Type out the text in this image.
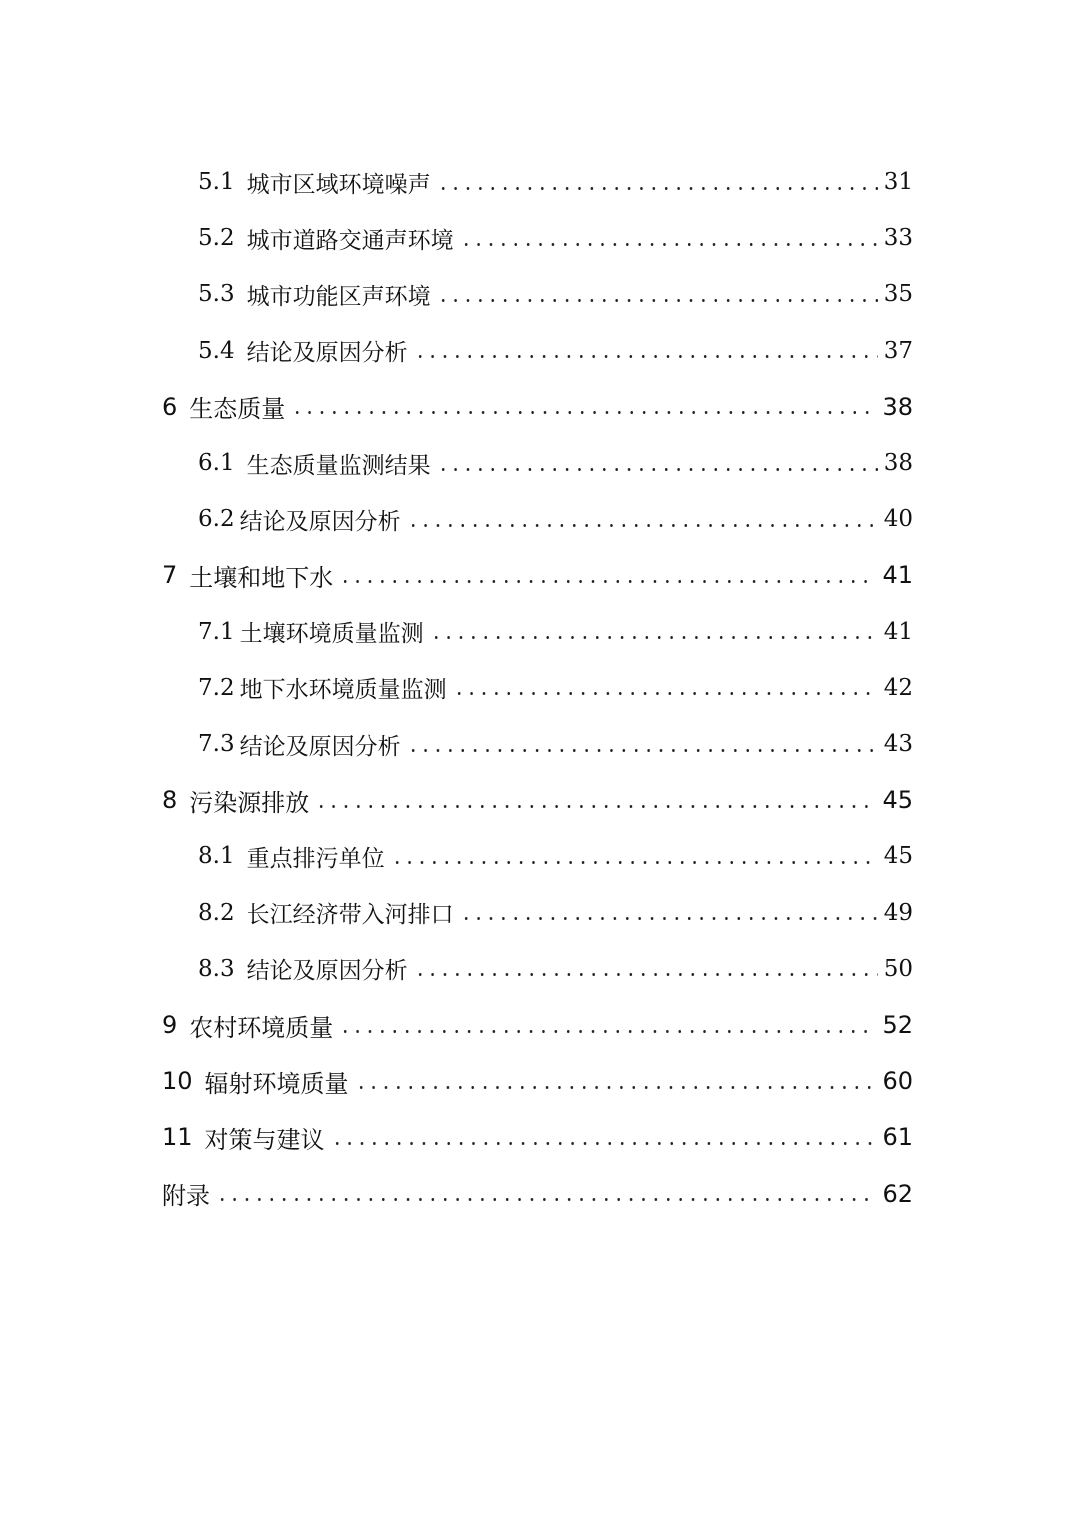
5.1 城市区域环境噪声	31
5.2 城市道路交通声环境	33
5.3 城市功能区声环境	35
5.4 结论及原因分析	37
6 生态质量	38
6.1 生态质量监测结果	38
6.2 结论及原因分析	40
7 土壤和地下水	41
7.1 土壤环境质量监测	41
7.2 地下水环境质量监测	42
7.3 结论及原因分析	43
8 污染源排放	45
8.1 重点排污单位	45
8.2 长江经济带入河排口	49
8.3 结论及原因分析	50
9 农村环境质量	52
10 辐射环境质量	60
11 对策与建议	61
附录	62
